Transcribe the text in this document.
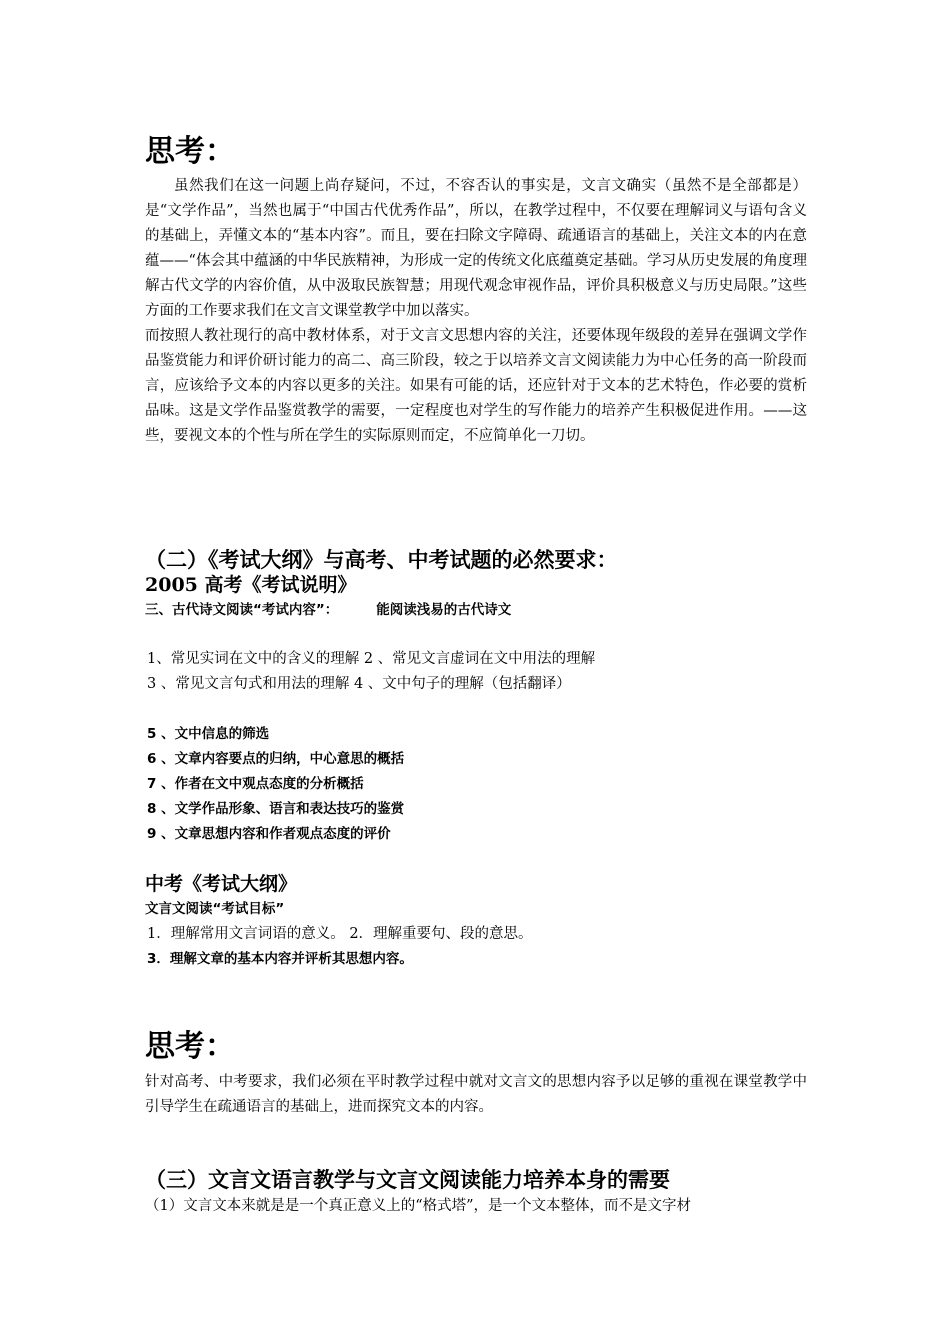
思考：

虽然我们在这一问题上尚存疑问，不过，不容否认的事实是，文言文确实（虽然不是全部都是）是“文学作品”，当然也属于“中国古代优秀作品”，所以，在教学过程中，不仅要在理解词义与语句含义的基础上，弄懂文本的“基本内容”。而且，要在扫除文字障碍、疏通语言的基础上，关注文本的内在意蕴——“体会其中蕴涵的中华民族精神，为形成一定的传统文化底蕴奠定基础。学习从历史发展的角度理解古代文学的内容价值，从中汲取民族智慧；用现代观念审视作品，评价具积极意义与历史局限。”这些方面的工作要求我们在文言文课堂教学中加以落实。

而按照人教社现行的高中教材体系，对于文言文思想内容的关注，还要体现年级段的差异在强调文学作品鉴赏能力和评价研讨能力的高二、高三阶段，较之于以培养文言文阅读能力为中心任务的高一阶段而言，应该给予文本的内容以更多的关注。如果有可能的话，还应针对于文本的艺术特色，作必要的赏析品味。这是文学作品鉴赏教学的需要，一定程度也对学生的写作能力的培养产生积极促进作用。——这些，要视文本的个性与所在学生的实际原则而定，不应简单化一刀切。

（二）《考试大纲》与高考、中考试题的必然要求：
2005 高考《考试说明》

三、古代诗文阅读“考试内容”：	能阅读浅易的古代诗文

1、常见实词在文中的含义的理解 2 、常见文言虚词在文中用法的理解

3 、常见文言句式和用法的理解 4 、文中句子的理解（包括翻译）

5 、文中信息的筛选

6 、文章内容要点的归纳，中心意思的概括

7 、作者在文中观点态度的分析概括

8 、文学作品形象、语言和表达技巧的鉴赏

9 、文章思想内容和作者观点态度的评价

中考《考试大纲》

文言文阅读“考试目标”

1．理解常用文言词语的意义。 2．理解重要句、段的意思。

3．理解文章的基本内容并评析其思想内容。

思考：

针对高考、中考要求，我们必须在平时教学过程中就对文言文的思想内容予以足够的重视在课堂教学中引导学生在疏通语言的基础上，进而探究文本的内容。

（三）文言文语言教学与文言文阅读能力培养本身的需要

（1）文言文本来就是是一个真正意义上的“格式塔”，是一个文本整体，而不是文字材
